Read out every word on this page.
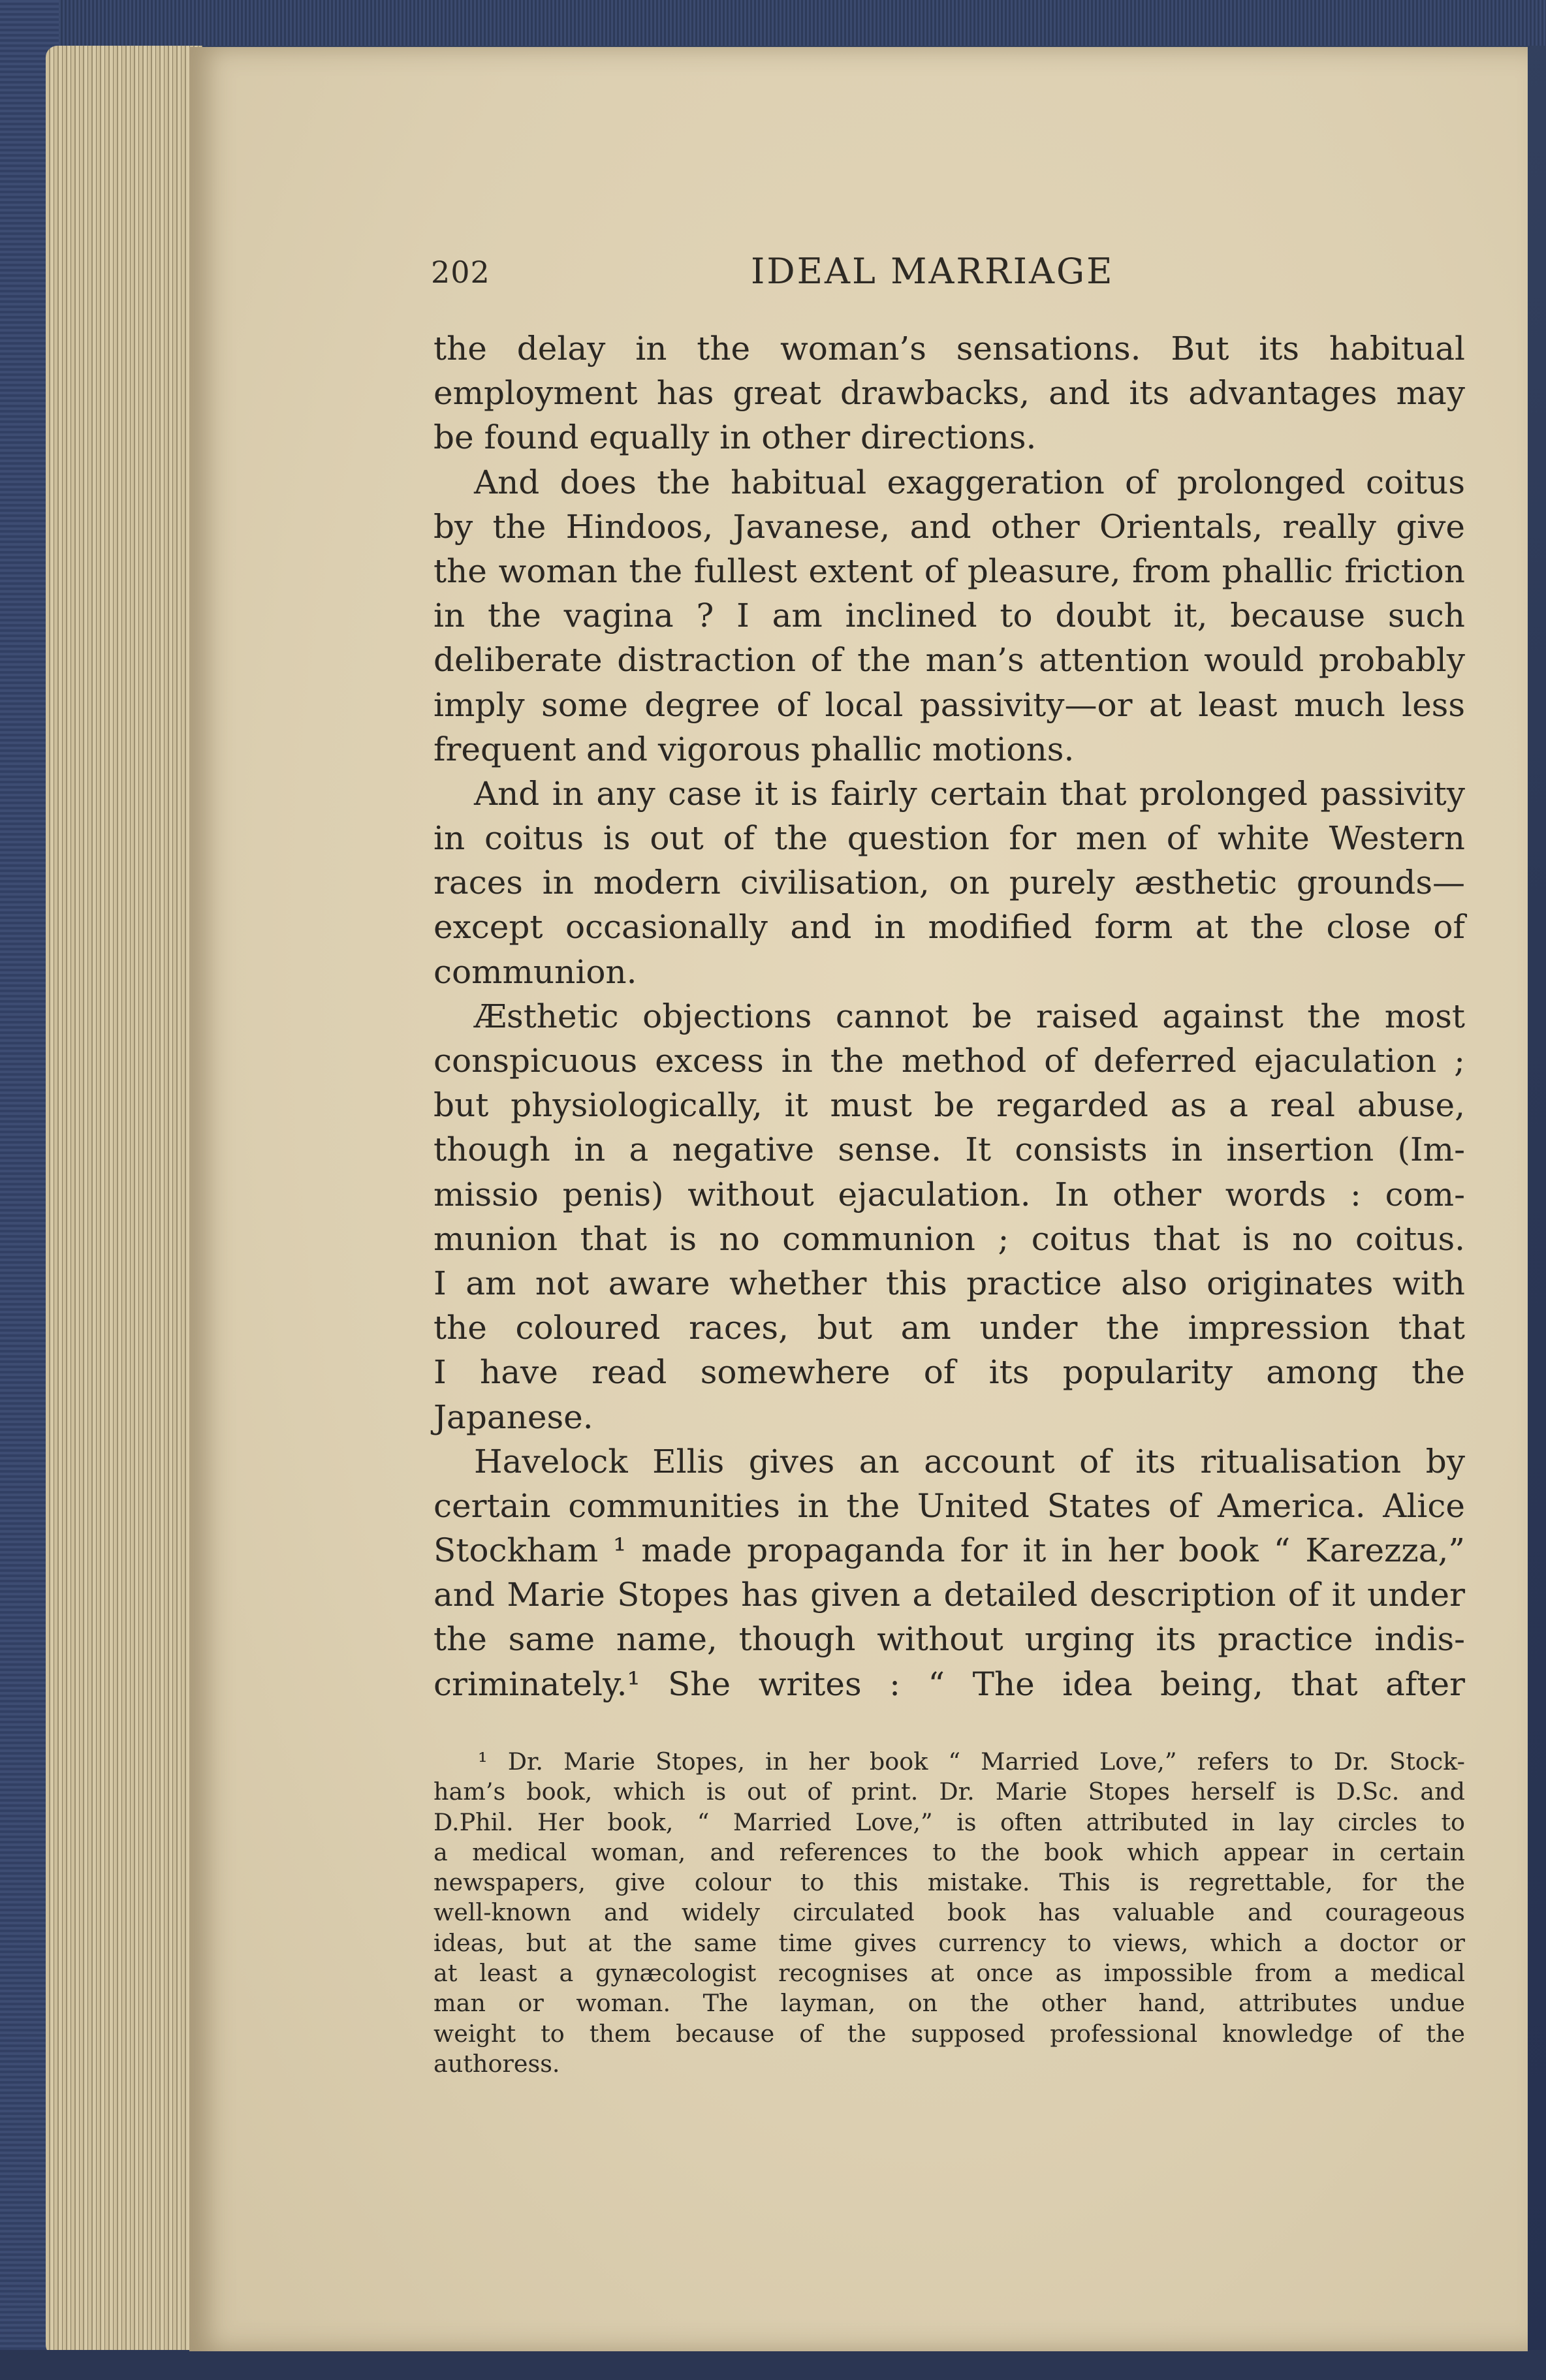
202	IDEAL MARRIAGE
the delay in the woman’s sensations. But its habitual
employment has great drawbacks, and its advantages may
be found equally in other directions.
And does the habitual exaggeration of prolonged coitus
by the Hindoos, Javanese, and other Orientals, really give
the woman the fullest extent of pleasure, from phallic friction
in the vagina ? I am inclined to doubt it, because such
deliberate distraction of the man’s attention would probably
imply some degree of local passivity—or at least much less
frequent and vigorous phallic motions.
And in any case it is fairly certain that prolonged passivity
in coitus is out of the question for men of white Western
races in modern civilisation, on purely æsthetic grounds—
except occasionally and in modified form at the close of
communion.
Æsthetic objections cannot be raised against the most
conspicuous excess in the method of deferred ejaculation ;
but physiologically, it must be regarded as a real abuse,
though in a negative sense. It consists in insertion (Im-
missio penis) without ejaculation. In other words : com-
munion that is no communion ; coitus that is no coitus.
I am not aware whether this practice also originates with
the coloured races, but am under the impression that
I have read somewhere of its popularity among the
Japanese.
Havelock Ellis gives an account of its ritualisation by
certain communities in the United States of America. Alice
Stockham ¹ made propaganda for it in her book “ Karezza,”
and Marie Stopes has given a detailed description of it under
the same name, though without urging its practice indis-
criminately.¹ She writes : “ The idea being, that after
¹ Dr. Marie Stopes, in her book “ Married Love,” refers to Dr. Stock-
ham’s book, which is out of print. Dr. Marie Stopes herself is D.Sc. and
D.Phil. Her book, “ Married Love,” is often attributed in lay circles to
a medical woman, and references to the book which appear in certain
newspapers, give colour to this mistake. This is regrettable, for the
well-known and widely circulated book has valuable and courageous
ideas, but at the same time gives currency to views, which a doctor or
at least a gynæcologist recognises at once as impossible from a medical
man or woman. The layman, on the other hand, attributes undue
weight to them because of the supposed professional knowledge of the
authoress.
